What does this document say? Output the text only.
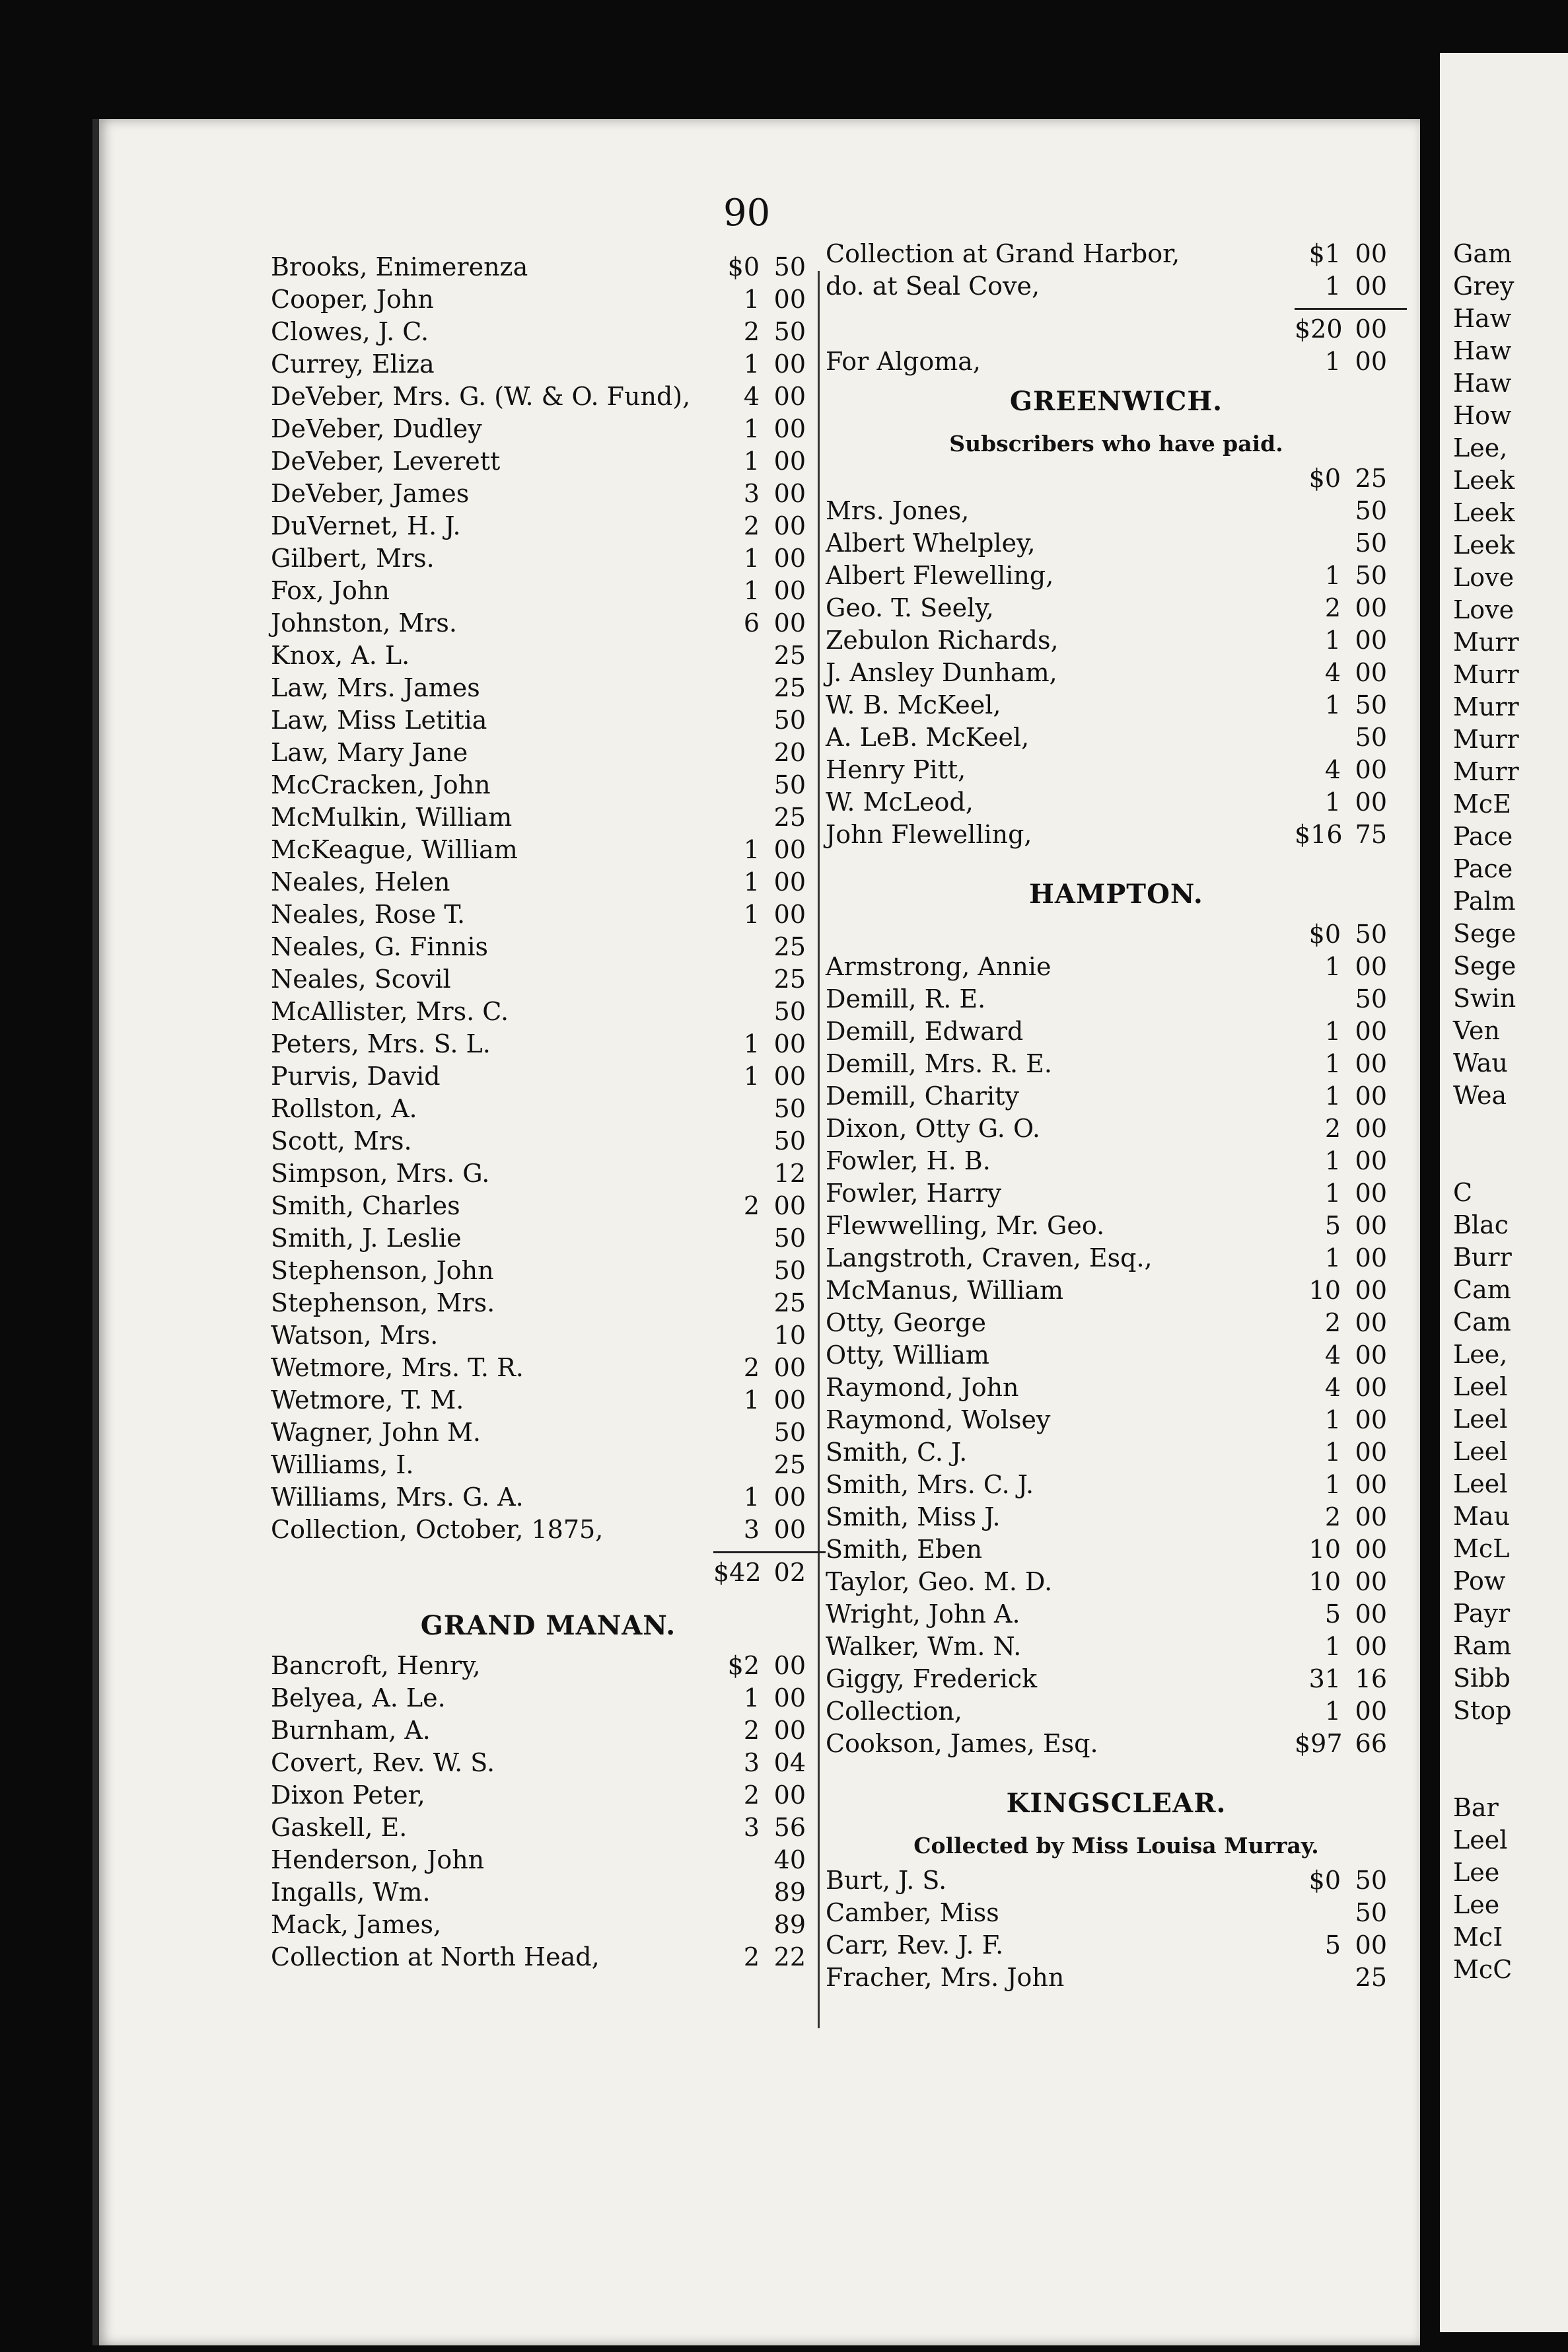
90
Brooks, Enimerenza	$0 50
Cooper, John	1 00
Clowes, J. C.	2 50
Currey, Eliza	1 00
DeVeber, Mrs. G. (W. & O. Fund),	4 00
DeVeber, Dudley	1 00
DeVeber, Leverett	1 00
DeVeber, James	3 00
DuVernet, H. J.	2 00
Gilbert, Mrs.	1 00
Fox, John	1 00
Johnston, Mrs.	6 00
Knox, A. L.	25
Law, Mrs. James	25
Law, Miss Letitia	50
Law, Mary Jane	20
McCracken, John	50
McMulkin, William	25
McKeague, William	1 00
Neales, Helen	1 00
Neales, Rose T.	1 00
Neales, G. Finnis	25
Neales, Scovil	25
McAllister, Mrs. C.	50
Peters, Mrs. S. L.	1 00
Purvis, David	1 00
Rollston, A.	50
Scott, Mrs.	50
Simpson, Mrs. G.	12
Smith, Charles	2 00
Smith, J. Leslie	50
Stephenson, John	50
Stephenson, Mrs.	25
Watson, Mrs.	10
Wetmore, Mrs. T. R.	2 00
Wetmore, T. M.	1 00
Wagner, John M.	50
Williams, I.	25
Williams, Mrs. G. A.	1 00
Collection, October, 1875,	3 00
$42 02
GRAND MANAN.
Bancroft, Henry,	$2 00
Belyea, A. Le.	1 00
Burnham, A.	2 00
Covert, Rev. W. S.	3 04
Dixon Peter,	2 00
Gaskell, E.	3 56
Henderson, John	40
Ingalls, Wm.	89
Mack, James,	89
Collection at North Head,	2 22
Collection at Grand Harbor,	$1 00
do. at Seal Cove,	1 00
$20 00
For Algoma,	1 00
GREENWICH.
Subscribers who have paid.
$0 25
Mrs. Jones,	50
Albert Whelpley,	50
Albert Flewelling,	1 50
Geo. T. Seely,	2 00
Zebulon Richards,	1 00
J. Ansley Dunham,	4 00
W. B. McKeel,	1 50
A. LeB. McKeel,	50
Henry Pitt,	4 00
W. McLeod,	1 00
John Flewelling,	$16 75
HAMPTON.
$0 50
Armstrong, Annie	1 00
Demill, R. E.	50
Demill, Edward	1 00
Demill, Mrs. R. E.	1 00
Demill, Charity	1 00
Dixon, Otty G. O.	2 00
Fowler, H. B.	1 00
Fowler, Harry	1 00
Flewwelling, Mr. Geo.	5 00
Langstroth, Craven, Esq.,	1 00
McManus, William	10 00
Otty, George	2 00
Otty, William	4 00
Raymond, John	4 00
Raymond, Wolsey	1 00
Smith, C. J.	1 00
Smith, Mrs. C. J.	1 00
Smith, Miss J.	2 00
Smith, Eben	10 00
Taylor, Geo. M. D.	10 00
Wright, John A.	5 00
Walker, Wm. N.	1 00
Giggy, Frederick	31 16
Collection,	1 00
Cookson, James, Esq.	$97 66
KINGSCLEAR.
Collected by Miss Louisa Murray.
Burt, J. S.	$0 50
Camber, Miss	50
Carr, Rev. J. F.	5 00
Fracher, Mrs. John	25
Gam
Grey
Haw
Haw
Haw
How
Lee,
Leek
Leek
Leek
Love
Love
Murr
Murr
Murr
Murr
Murr
McE
Pace
Pace
Palm
Sege
Sege
Swin
Ven
Wau
Wea
C
Blac
Burr
Cam
Cam
Lee,
Leel
Leel
Leel
Leel
Mau
McL
Pow
Payr
Ram
Sibb
Stop
Bar
Leel
Lee
Lee
McI
McC
